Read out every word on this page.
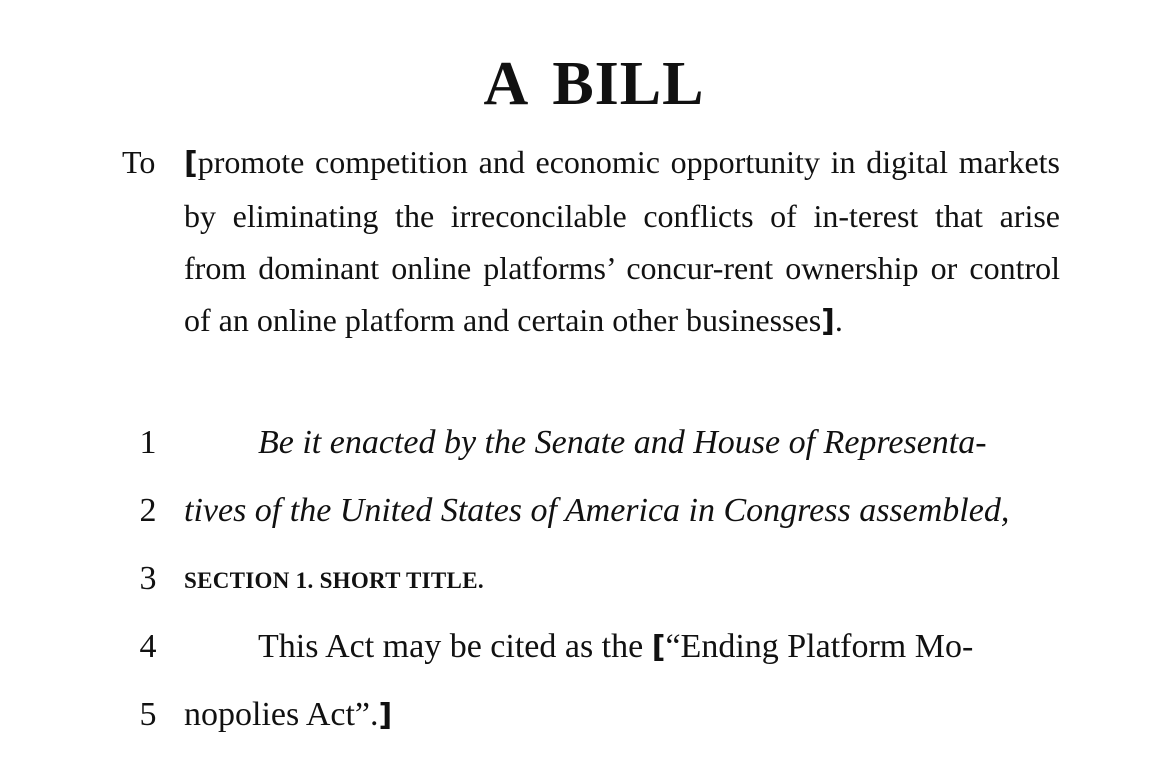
A BILL
To [promote competition and economic opportunity in digital markets by eliminating the irreconcilable conflicts of in-terest that arise from dominant online platforms’ concur-rent ownership or control of an online platform and certain other businesses].
1	Be it enacted by the Senate and House of Representa-
2 tives of the United States of America in Congress assembled,
3	SECTION 1. SHORT TITLE.
4	This Act may be cited as the [“Ending Platform Mo-
5 nopolies Act”.]
